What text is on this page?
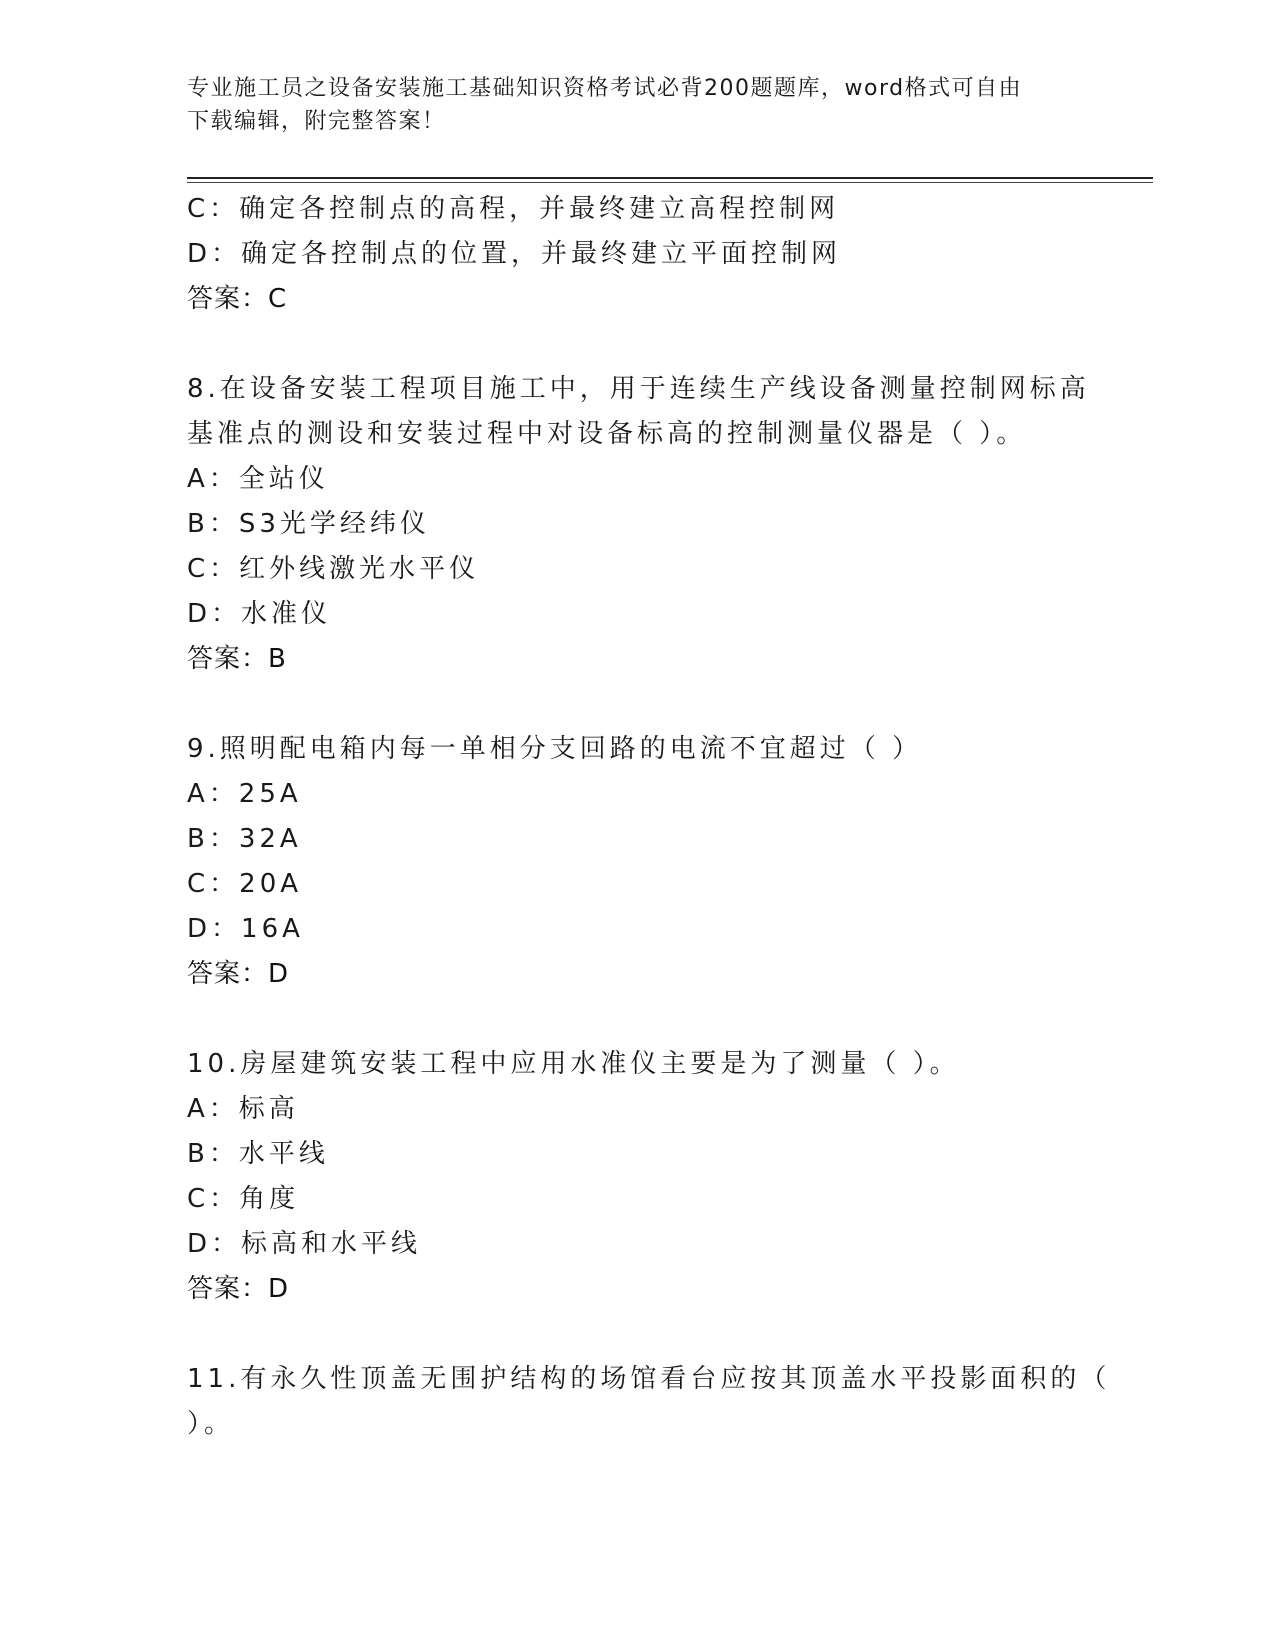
专业施工员之设备安装施工基础知识资格考试必背200题题库，word格式可自由
下载编辑，附完整答案！
C：确定各控制点的高程，并最终建立高程控制网
D：确定各控制点的位置，并最终建立平面控制网
答案：C
8.在设备安装工程项目施工中，用于连续生产线设备测量控制网标高
基准点的测设和安装过程中对设备标高的控制测量仪器是（ ）。
A：全站仪
B：S3光学经纬仪
C：红外线激光水平仪
D：水准仪
答案：B
9.照明配电箱内每一单相分支回路的电流不宜超过（ ）
A：25A
B：32A
C：20A
D：16A
答案：D
10.房屋建筑安装工程中应用水准仪主要是为了测量（ ）。
A：标高
B：水平线
C：角度
D：标高和水平线
答案：D
11.有永久性顶盖无围护结构的场馆看台应按其顶盖水平投影面积的（
）。
